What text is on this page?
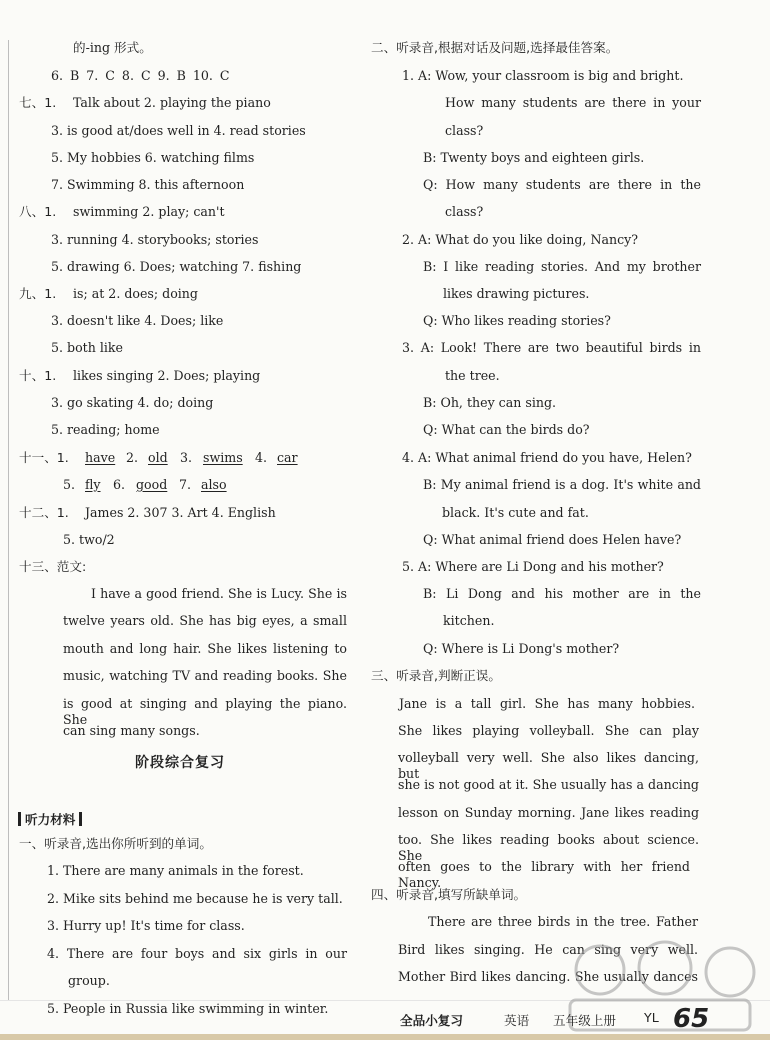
的-ing 形式。
6. B 7. C 8. C 9. B 10. C
七、1. Talk about 2. playing the piano
3. is good at/does well in 4. read stories
5. My hobbies 6. watching films
7. Swimming 8. this afternoon
八、1. swimming 2. play; can't
3. running 4. storybooks; stories
5. drawing 6. Does; watching 7. fishing
九、1. is; at 2. does; doing
3. doesn't like 4. Does; like
5. both like
十、1. likes singing 2. Does; playing
3. go skating 4. do; doing
5. reading; home
十一、1. have 2. old 3. swims 4. car
5. fly 6. good 7. also
十二、1. James 2. 307 3. Art 4. English
5. two/2
十三、范文:
I have a good friend. She is Lucy. She is
twelve years old. She has big eyes, a small
mouth and long hair. She likes listening to
music, watching TV and reading books. She
is good at singing and playing the piano. She
can sing many songs.
阶段综合复习
听力材料
一、听录音,选出你所听到的单词。
1. There are many animals in the forest.
2. Mike sits behind me because he is very tall.
3. Hurry up! It's time for class.
4. There are four boys and six girls in our
group.
5. People in Russia like swimming in winter.
二、听录音,根据对话及问题,选择最佳答案。
1. A: Wow, your classroom is big and bright.
How many students are there in your
class?
B: Twenty boys and eighteen girls.
Q: How many students are there in the
class?
2. A: What do you like doing, Nancy?
B: I like reading stories. And my brother
likes drawing pictures.
Q: Who likes reading stories?
3. A: Look! There are two beautiful birds in
the tree.
B: Oh, they can sing.
Q: What can the birds do?
4. A: What animal friend do you have, Helen?
B: My animal friend is a dog. It's white and
black. It's cute and fat.
Q: What animal friend does Helen have?
5. A: Where are Li Dong and his mother?
B: Li Dong and his mother are in the
kitchen.
Q: Where is Li Dong's mother?
三、听录音,判断正误。
Jane is a tall girl. She has many hobbies.
She likes playing volleyball. She can play
volleyball very well. She also likes dancing, but
she is not good at it. She usually has a dancing
lesson on Sunday morning. Jane likes reading
too. She likes reading books about science. She
often goes to the library with her friend Nancy.
四、听录音,填写所缺单词。
There are three birds in the tree. Father
Bird likes singing. He can sing very well.
Mother Bird likes dancing. She usually dances
全品小复习	英语 五年级上册 YL 65
